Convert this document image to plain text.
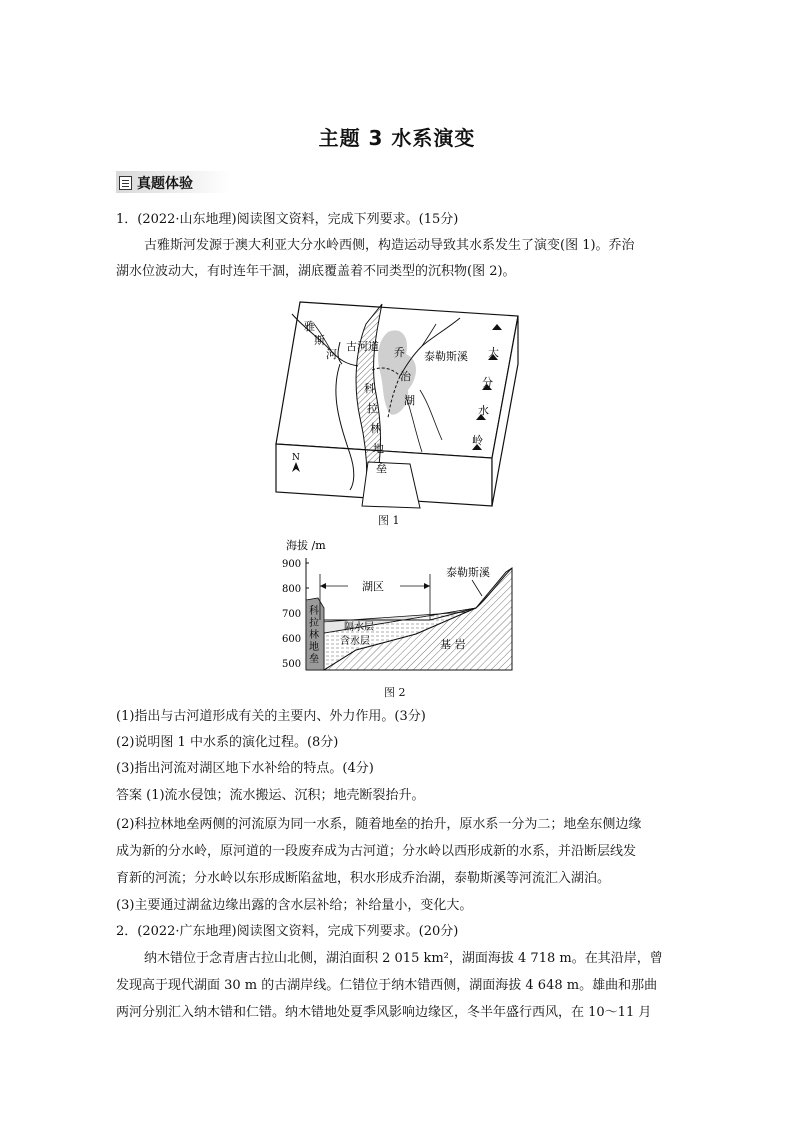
主题 3 水系演变
真题体验
1．(2022·山东地理)阅读图文资料，完成下列要求。(15分)
古雅斯河发源于澳大利亚大分水岭西侧，构造运动导致其水系发生了演变(图 1)。乔治
湖水位波动大，有时连年干涸，湖底覆盖着不同类型的沉积物(图 2)。
雅
斯
河
古河道 乔
治
湖
泰勒斯溪
科
拉
林
地
垒
大
分
水
岭
N
图 1
海拔 /m
900
800
700
600
500
科
拉
林
地
垒
湖区
泰勒斯溪
隔水层
含水层	基 岩
图 2
(1)指出与古河道形成有关的主要内、外力作用。(3分)
(2)说明图 1 中水系的演化过程。(8分)
(3)指出河流对湖区地下水补给的特点。(4分)
答案 (1)流水侵蚀；流水搬运、沉积；地壳断裂抬升。
(2)科拉林地垒两侧的河流原为同一水系，随着地垒的抬升，原水系一分为二；地垒东侧边缘
成为新的分水岭，原河道的一段废弃成为古河道；分水岭以西形成新的水系，并沿断层线发
育新的河流；分水岭以东形成断陷盆地，积水形成乔治湖，泰勒斯溪等河流汇入湖泊。
(3)主要通过湖盆边缘出露的含水层补给；补给量小，变化大。
2．(2022·广东地理)阅读图文资料，完成下列要求。(20分)
纳木错位于念青唐古拉山北侧，湖泊面积 2 015 km²，湖面海拔 4 718 m。在其沿岸，曾
发现高于现代湖面 30 m 的古湖岸线。仁错位于纳木错西侧，湖面海拔 4 648 m。雄曲和那曲
两河分别汇入纳木错和仁错。纳木错地处夏季风影响边缘区，冬半年盛行西风，在 10～11 月
